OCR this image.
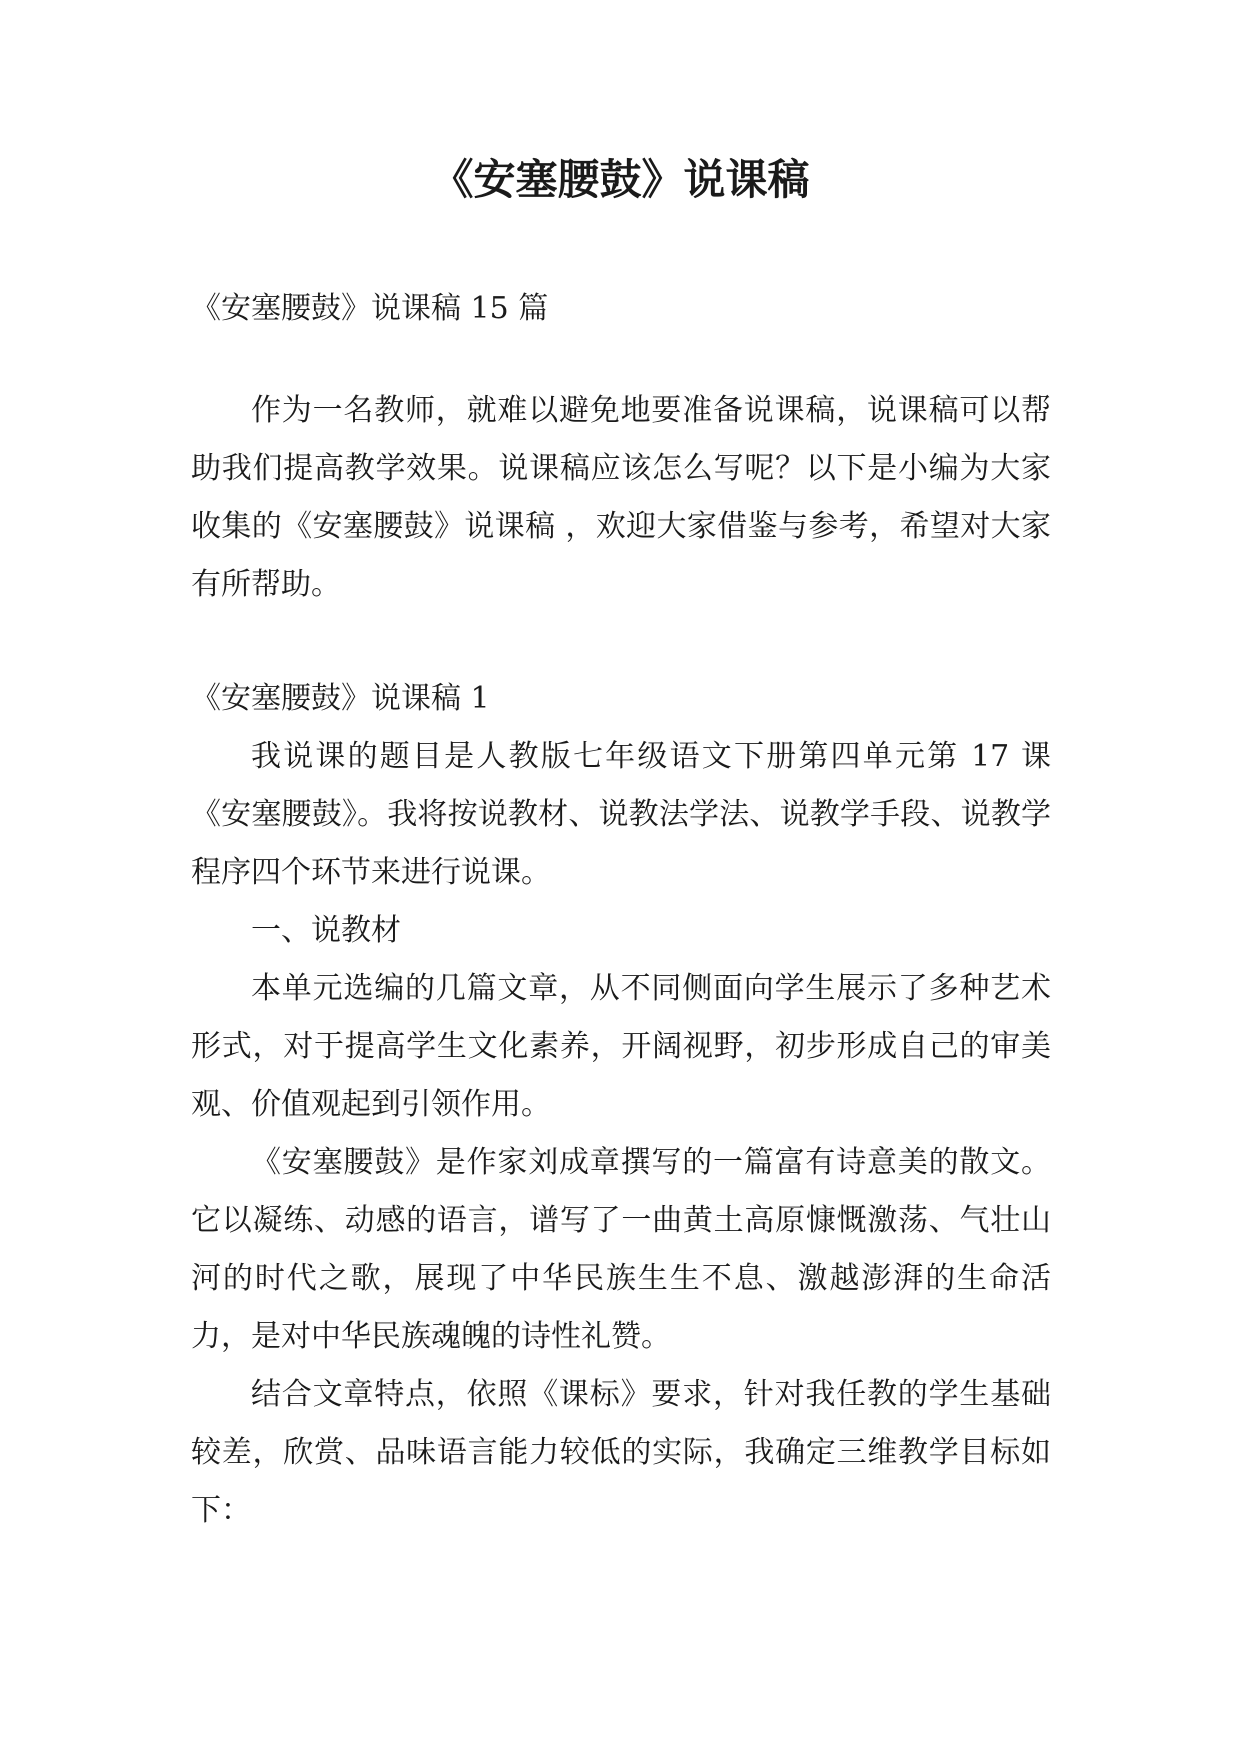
《安塞腰鼓》说课稿

《安塞腰鼓》说课稿 15 篇

作为一名教师，就难以避免地要准备说课稿，说课稿可以帮助我们提高教学效果。说课稿应该怎么写呢？以下是小编为大家收集的《安塞腰鼓》说课稿 ，欢迎大家借鉴与参考，希望对大家有所帮助。

《安塞腰鼓》说课稿 1

我说课的题目是人教版七年级语文下册第四单元第 17 课《安塞腰鼓》。我将按说教材、说教法学法、说教学手段、说教学程序四个环节来进行说课。

一、说教材

本单元选编的几篇文章，从不同侧面向学生展示了多种艺术形式，对于提高学生文化素养，开阔视野，初步形成自己的审美观、价值观起到引领作用。

《安塞腰鼓》是作家刘成章撰写的一篇富有诗意美的散文。它以凝练、动感的语言，谱写了一曲黄土高原慷慨激荡、气壮山河的时代之歌，展现了中华民族生生不息、激越澎湃的生命活力，是对中华民族魂魄的诗性礼赞。

结合文章特点，依照《课标》要求，针对我任教的学生基础较差，欣赏、品味语言能力较低的实际，我确定三维教学目标如下：
